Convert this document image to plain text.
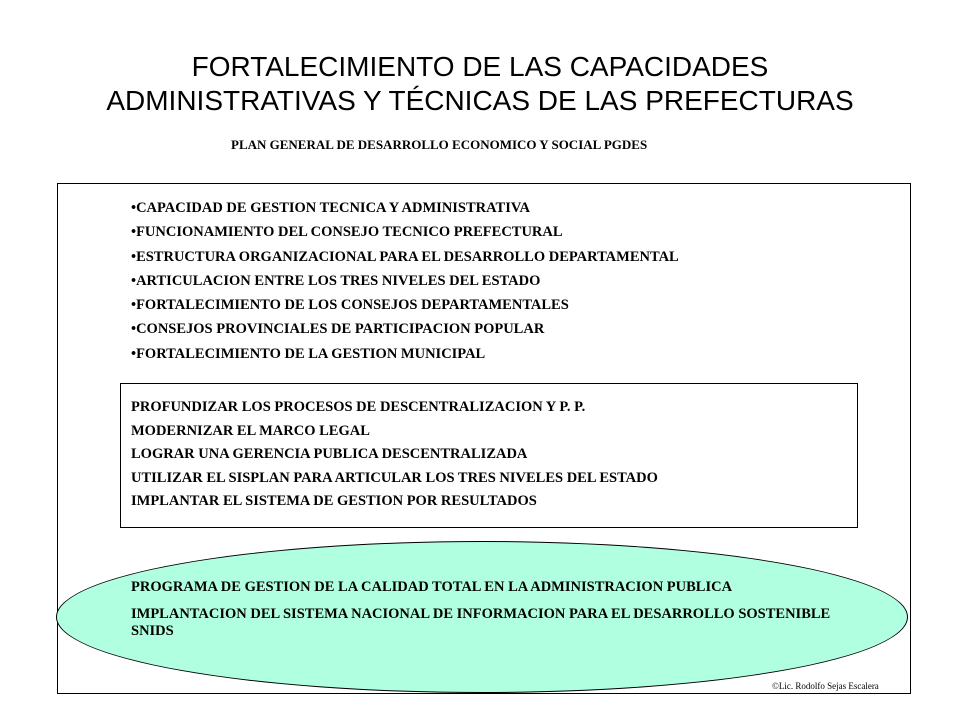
FORTALECIMIENTO DE LAS CAPACIDADES
ADMINISTRATIVAS Y TÉCNICAS DE LAS PREFECTURAS
PLAN GENERAL DE DESARROLLO ECONOMICO Y SOCIAL PGDES
•CAPACIDAD DE GESTION TECNICA Y ADMINISTRATIVA
•FUNCIONAMIENTO DEL CONSEJO TECNICO PREFECTURAL
•ESTRUCTURA ORGANIZACIONAL PARA EL DESARROLLO DEPARTAMENTAL
•ARTICULACION ENTRE LOS TRES NIVELES DEL ESTADO
•FORTALECIMIENTO DE LOS CONSEJOS DEPARTAMENTALES
•CONSEJOS PROVINCIALES DE PARTICIPACION POPULAR
•FORTALECIMIENTO DE LA GESTION MUNICIPAL
PROFUNDIZAR LOS PROCESOS DE DESCENTRALIZACION Y P. P.
MODERNIZAR EL MARCO LEGAL
LOGRAR UNA GERENCIA PUBLICA DESCENTRALIZADA
UTILIZAR EL SISPLAN PARA ARTICULAR LOS TRES NIVELES DEL ESTADO
IMPLANTAR EL SISTEMA DE GESTION POR RESULTADOS
PROGRAMA DE GESTION DE LA CALIDAD TOTAL EN LA ADMINISTRACION PUBLICA
IMPLANTACION DEL SISTEMA NACIONAL DE INFORMACION PARA EL DESARROLLO SOSTENIBLE SNIDS
©Lic. Rodolfo Sejas Escalera
